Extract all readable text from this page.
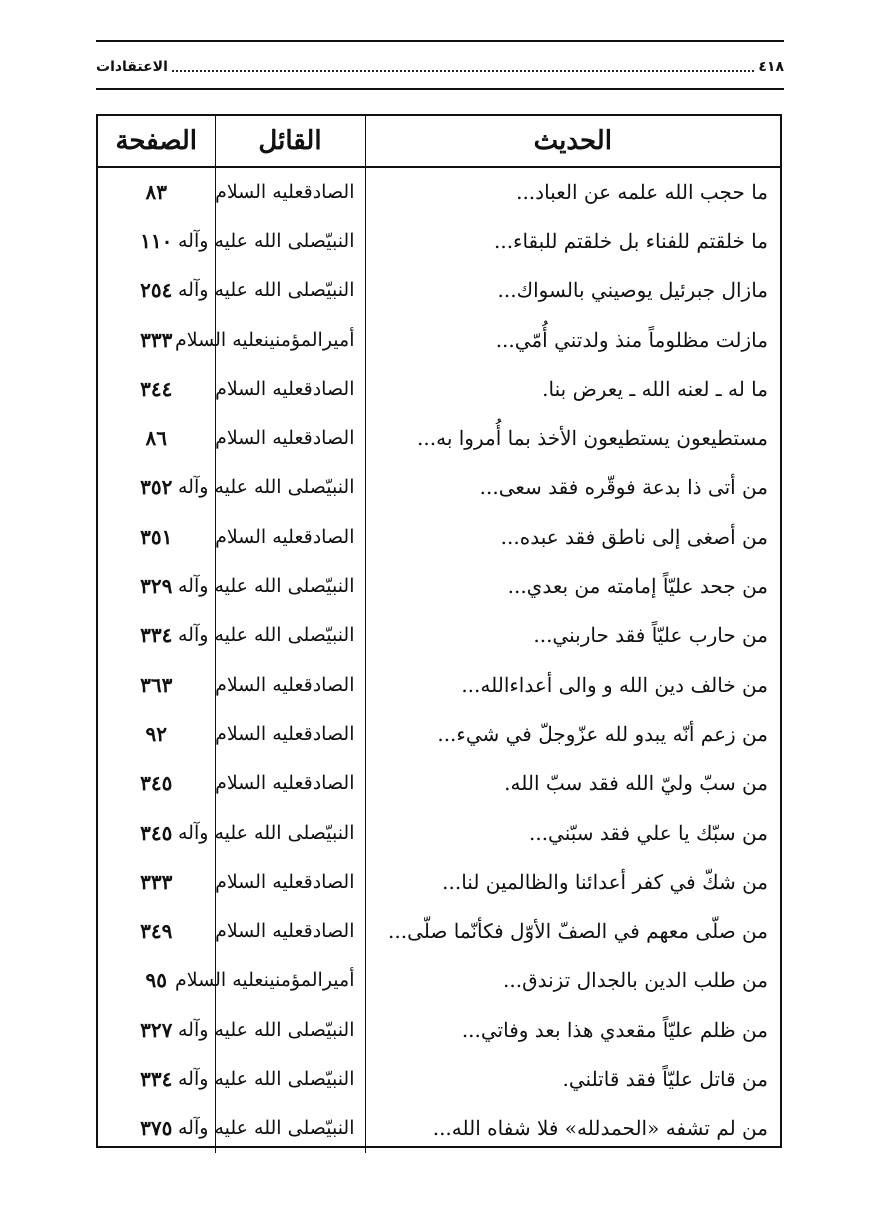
٤١٨
الاعتقادات
الحديث	القائل	الصفحة
ما حجب الله علمه عن العباد...	الصادقعليه السلام	٨٣
ما خلقتم للفناء بل خلقتم للبقاء...	النبيّصلى الله عليه وآله	١١٠
مازال جبرئيل يوصيني بالسواك...	النبيّصلى الله عليه وآله	٢٥٤
مازلت مظلوماً منذ ولدتني أُمّي...	أميرالمؤمنينعليه السلام	٣٣٣
ما له ـ لعنه الله ـ يعرض بنا.	الصادقعليه السلام	٣٤٤
مستطيعون يستطيعون الأخذ بما أُمروا به...	الصادقعليه السلام	٨٦
من أتى ذا بدعة فوقّره فقد سعى...	النبيّصلى الله عليه وآله	٣٥٢
من أصغى إلى ناطق فقد عبده...	الصادقعليه السلام	٣٥١
من جحد عليّاً إمامته من بعدي...	النبيّصلى الله عليه وآله	٣٢٩
من حارب عليّاً فقد حاربني...	النبيّصلى الله عليه وآله	٣٣٤
من خالف دين الله و والى أعداءالله...	الصادقعليه السلام	٣٦٣
من زعم أنّه يبدو لله عزّوجلّ في شيء...	الصادقعليه السلام	٩٢
من سبّ وليّ الله فقد سبّ الله.	الصادقعليه السلام	٣٤٥
من سبّك يا علي فقد سبّني...	النبيّصلى الله عليه وآله	٣٤٥
من شكّ في كفر أعدائنا والظالمين لنا...	الصادقعليه السلام	٣٣٣
من صلّى معهم في الصفّ الأوّل فكأنّما صلّى...	الصادقعليه السلام	٣٤٩
من طلب الدين بالجدال تزندق...	أميرالمؤمنينعليه السلام	٩٥
من ظلم عليّاً مقعدي هذا بعد وفاتي...	النبيّصلى الله عليه وآله	٣٢٧
من قاتل عليّاً فقد قاتلني.	النبيّصلى الله عليه وآله	٣٣٤
من لم تشفه «الحمدلله» فلا شفاه الله...	النبيّصلى الله عليه وآله	٣٧٥
